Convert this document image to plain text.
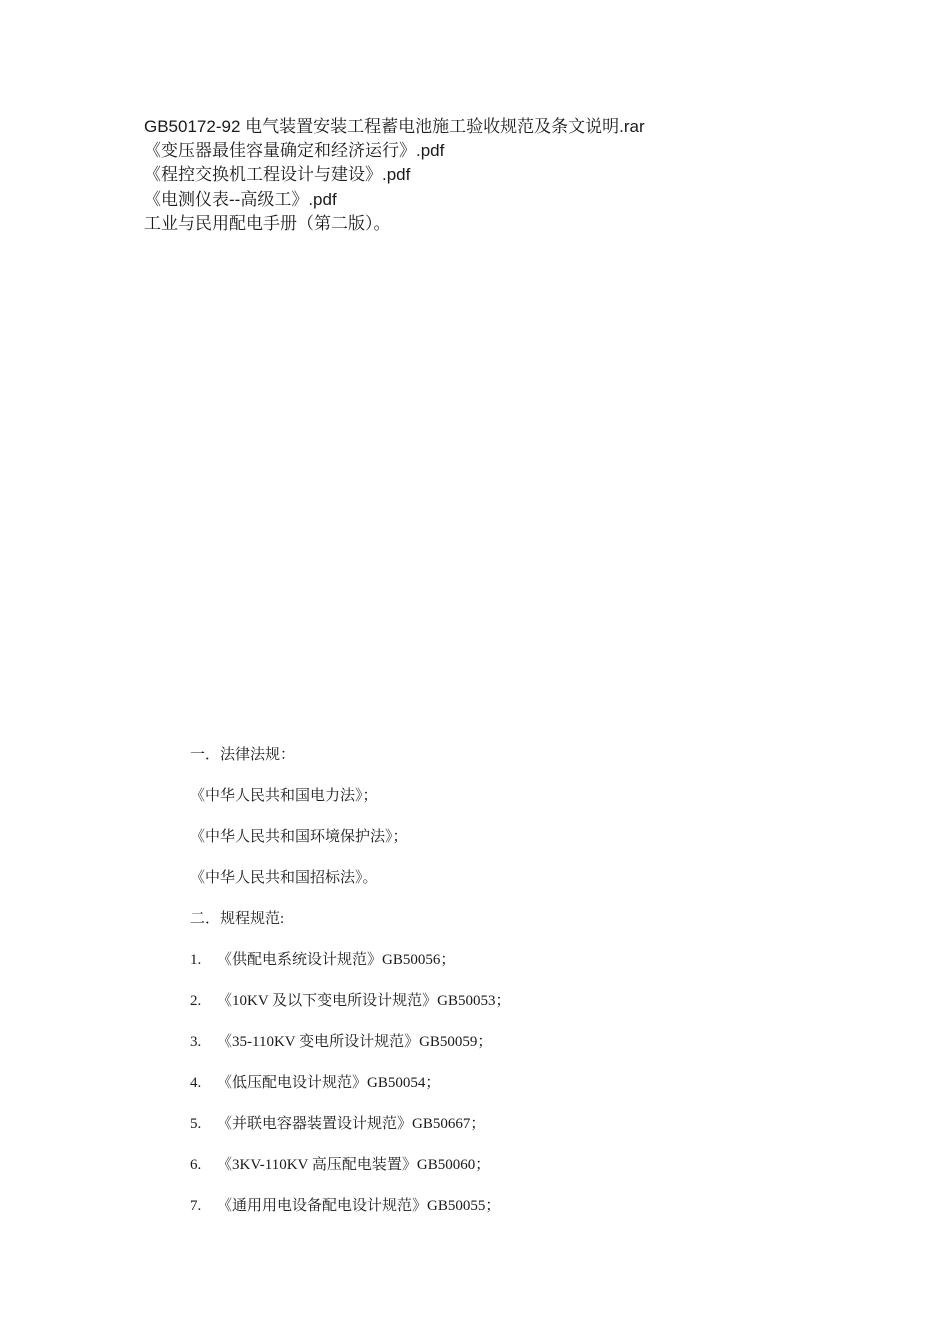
GB50172-92 电气装置安装工程蓄电池施工验收规范及条文说明.rar
《变压器最佳容量确定和经济运行》.pdf
《程控交换机工程设计与建设》.pdf
《电测仪表--高级工》.pdf
工业与民用配电手册（第二版）。
一．法律法规：
《中华人民共和国电力法》；
《中华人民共和国环境保护法》；
《中华人民共和国招标法》。
二．规程规范:
1. 《供配电系统设计规范》GB50056；
2. 《10KV 及以下变电所设计规范》GB50053；
3. 《35-110KV 变电所设计规范》GB50059；
4. 《低压配电设计规范》GB50054；
5. 《并联电容器装置设计规范》GB50667；
6. 《3KV-110KV 高压配电装置》GB50060；
7. 《通用用电设备配电设计规范》GB50055；
